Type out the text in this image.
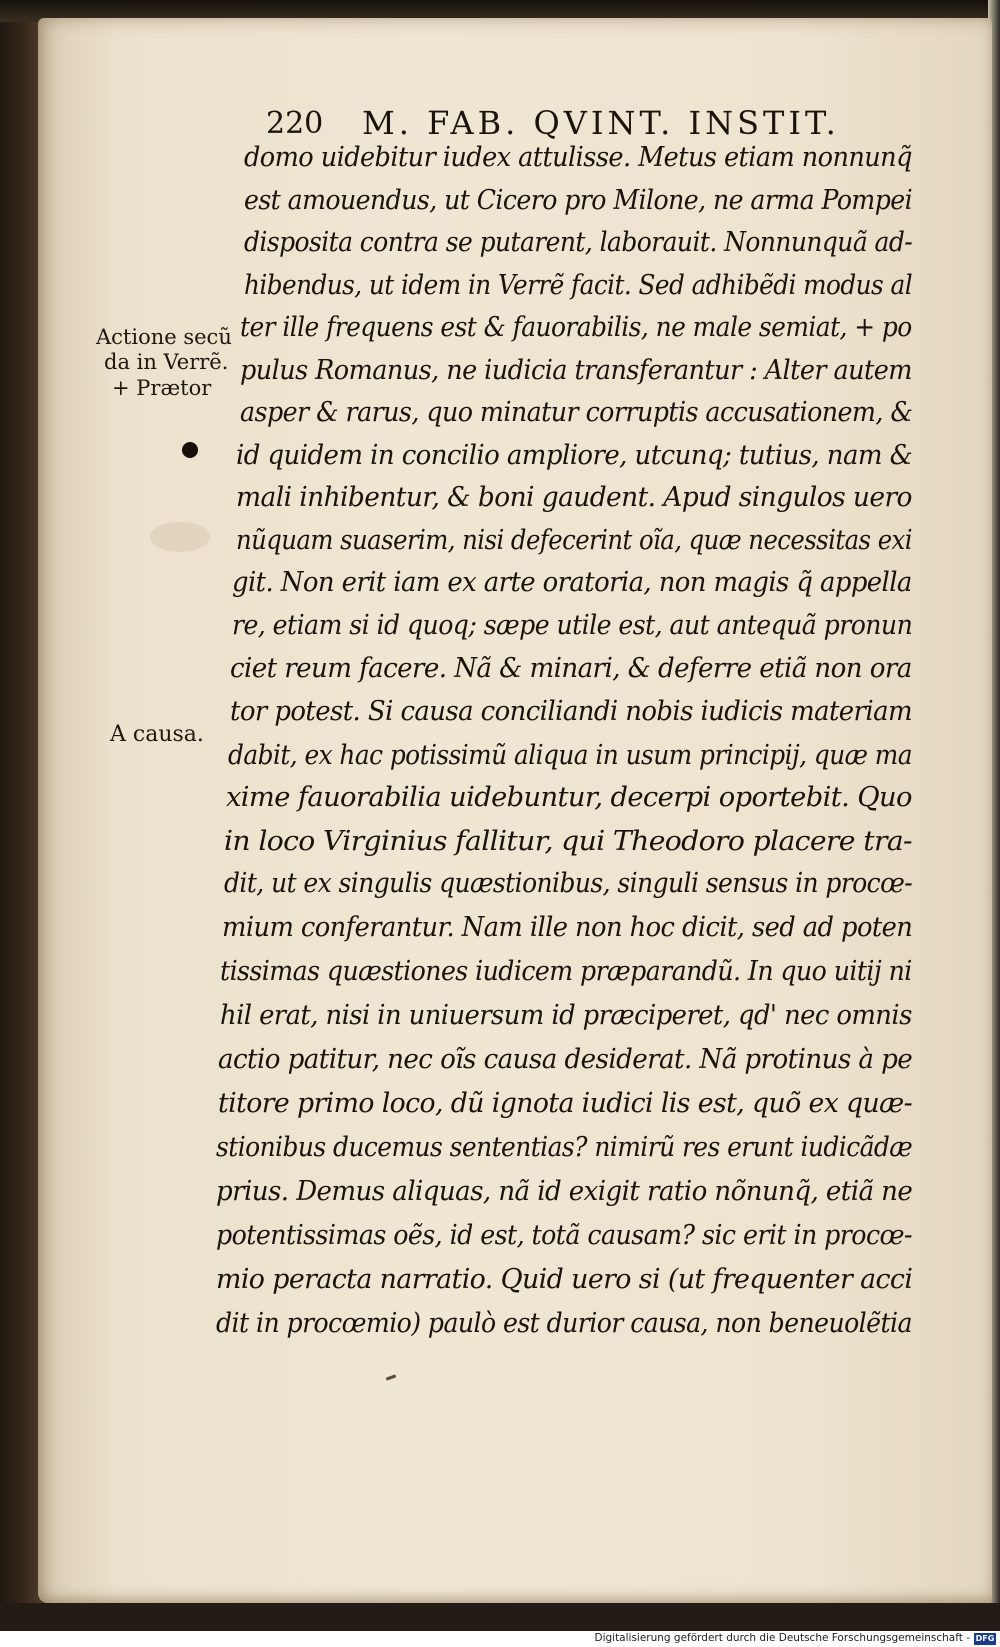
220 M. FAB. QVINT. INSTIT.
Actione secũ
da in Verrẽ.
+ Prætor
A causa.
domo uidebitur iudex attulisse. Metus etiam nonnunq̃
est amouendus, ut Cicero pro Milone, ne arma Pompei
disposita contra se putarent, laborauit. Nonnunquã ad-
hibendus, ut idem in Verrẽ facit. Sed adhibẽdi modus al
ter ille frequens est & fauorabilis, ne male semiat, + po
pulus Romanus, ne iudicia transferantur : Alter autem
asper & rarus, quo minatur corruptis accusationem, &
id quidem in concilio ampliore, utcunq; tutius, nam &
mali inhibentur, & boni gaudent. Apud singulos uero
nũquam suaserim, nisi defecerint oĩa, quæ necessitas exi
git. Non erit iam ex arte oratoria, non magis q̃ appella
re, etiam si id quoq; sæpe utile est, aut antequã pronun
ciet reum facere. Nã & minari, & deferre etiã non ora
tor potest. Si causa conciliandi nobis iudicis materiam
dabit, ex hac potissimũ aliqua in usum principij, quæ ma
xime fauorabilia uidebuntur, decerpi oportebit. Quo
in loco Virginius fallitur, qui Theodoro placere tra-
dit, ut ex singulis quæstionibus, singuli sensus in procœ-
mium conferantur. Nam ille non hoc dicit, sed ad poten
tissimas quæstiones iudicem præparandũ. In quo uitij ni
hil erat, nisi in uniuersum id præciperet, qd' nec omnis
actio patitur, nec oĩs causa desiderat. Nã protinus à pe
titore primo loco, dũ ignota iudici lis est, quõ ex quæ-
stionibus ducemus sententias? nimirũ res erunt iudicãdæ
prius. Demus aliquas, nã id exigit ratio nõnunq̃, etiã ne
potentissimas oẽs, id est, totã causam? sic erit in procœ-
mio peracta narratio. Quid uero si (ut frequenter acci
dit in procœmio) paulò est durior causa, non beneuolẽtia
Digitalisierung gefördert durch die Deutsche Forschungsgemeinschaft - DFG
